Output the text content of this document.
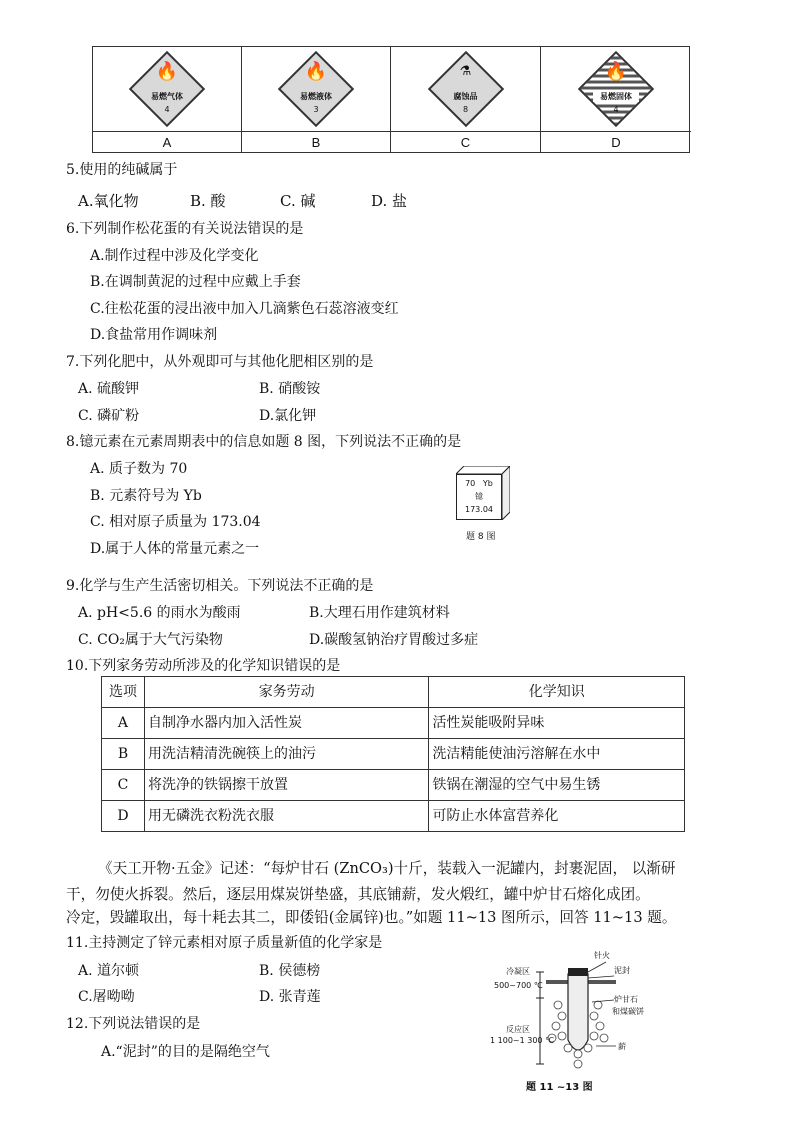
🔥
易燃气体
4
🔥
易燃液体
3
⚗
腐蚀品
8
🔥
易燃固体
4
A	B	C	D
5.使用的纯碱属于
A.氧化物	B. 酸	C. 碱	D. 盐
6.下列制作松花蛋的有关说法错误的是
A.制作过程中涉及化学变化
B.在调制黄泥的过程中应戴上手套
C.往松花蛋的浸出液中加入几滴紫色石蕊溶液变红
D.食盐常用作调味剂
7.下列化肥中，从外观即可与其他化肥相区别的是
A. 硫酸钾	B. 硝酸铵
C. 磷矿粉	D.氯化钾
8.镱元素在元素周期表中的信息如题 8 图，下列说法不正确的是
A. 质子数为 70
B. 元素符号为 Yb
C. 相对原子质量为 173.04
D.属于人体的常量元素之一
70 Yb
镱
173.04
题 8 图
9.化学与生产生活密切相关。下列说法不正确的是
A. pH<5.6 的雨水为酸雨	B.大理石用作建筑材料
C. CO₂属于大气污染物	D.碳酸氢钠治疗胃酸过多症
10.下列家务劳动所涉及的化学知识错误的是
选项	家务劳动	化学知识
A	自制净水器内加入活性炭	活性炭能吸附异味
B	用洗洁精清洗碗筷上的油污	洗洁精能使油污溶解在水中
C	将洗净的铁锅擦干放置	铁锅在潮湿的空气中易生锈
D	用无磷洗衣粉洗衣服	可防止水体富营养化
《天工开物·五金》记述：“每炉甘石 (ZnCO₃)十斤，装载入一泥罐内，封裹泥固， 以渐研
干，勿使火拆裂。然后，逐层用煤炭饼垫盛，其底铺薪，发火煅红，罐中炉甘石熔化成团。
冷定，毁罐取出，每十耗去其二，即倭铅(金属锌)也。”如题 11~13 图所示，回答 11~13 题。
11.主持测定了锌元素相对原子质量新值的化学家是
A. 道尔顿	B. 侯德榜
C.屠呦呦	D. 张青莲
12.下列说法错误的是
A.“泥封”的目的是隔绝空气
针火
泥封
冷凝区
500~700 ℃
炉甘石
和煤碳饼
反应区
1 100~1 300 ℃
薪
题 11 ~13 图
